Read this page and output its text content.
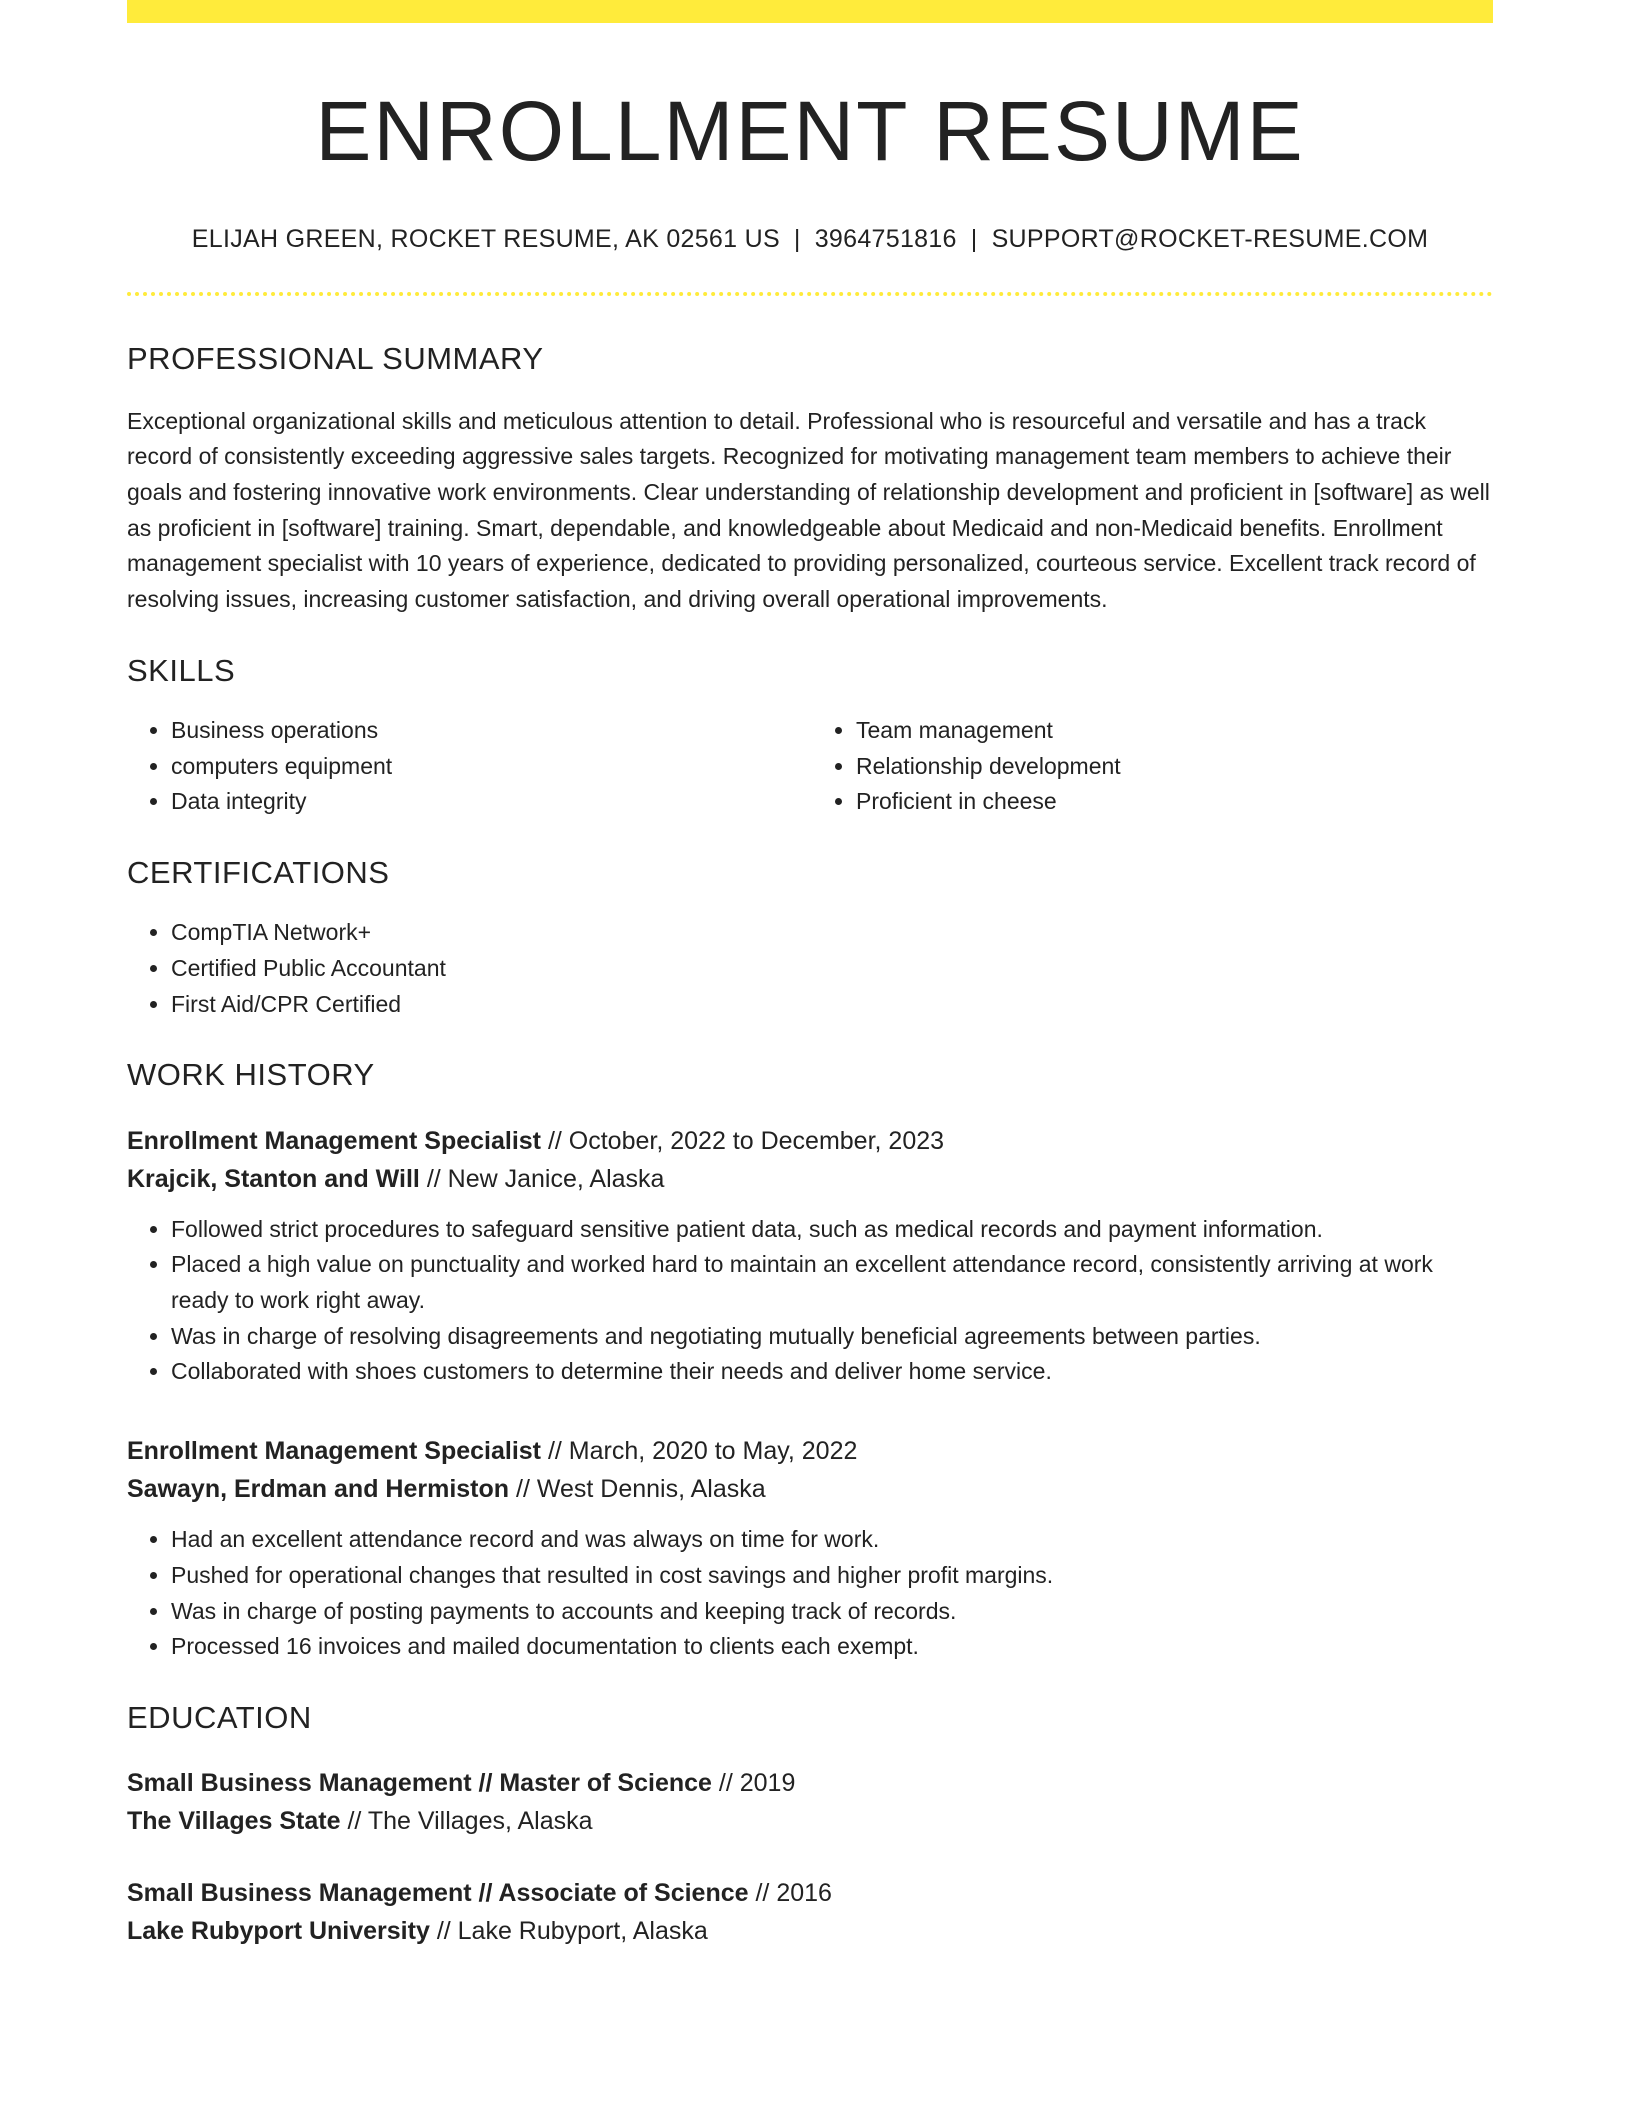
ENROLLMENT RESUME
ELIJAH GREEN, ROCKET RESUME, AK 02561 US | 3964751816 | SUPPORT@ROCKET-RESUME.COM
PROFESSIONAL SUMMARY
Exceptional organizational skills and meticulous attention to detail. Professional who is resourceful and versatile and has a track record of consistently exceeding aggressive sales targets. Recognized for motivating management team members to achieve their goals and fostering innovative work environments. Clear understanding of relationship development and proficient in [software] as well as proficient in [software] training. Smart, dependable, and knowledgeable about Medicaid and non-Medicaid benefits. Enrollment management specialist with 10 years of experience, dedicated to providing personalized, courteous service. Excellent track record of resolving issues, increasing customer satisfaction, and driving overall operational improvements.
SKILLS
• Business operations
• computers equipment
• Data integrity
• Team management
• Relationship development
• Proficient in cheese
CERTIFICATIONS
• CompTIA Network+
• Certified Public Accountant
• First Aid/CPR Certified
WORK HISTORY
Enrollment Management Specialist // October, 2022 to December, 2023
Krajcik, Stanton and Will // New Janice, Alaska
• Followed strict procedures to safeguard sensitive patient data, such as medical records and payment information.
• Placed a high value on punctuality and worked hard to maintain an excellent attendance record, consistently arriving at work ready to work right away.
• Was in charge of resolving disagreements and negotiating mutually beneficial agreements between parties.
• Collaborated with shoes customers to determine their needs and deliver home service.
Enrollment Management Specialist // March, 2020 to May, 2022
Sawayn, Erdman and Hermiston // West Dennis, Alaska
• Had an excellent attendance record and was always on time for work.
• Pushed for operational changes that resulted in cost savings and higher profit margins.
• Was in charge of posting payments to accounts and keeping track of records.
• Processed 16 invoices and mailed documentation to clients each exempt.
EDUCATION
Small Business Management // Master of Science // 2019
The Villages State // The Villages, Alaska
Small Business Management // Associate of Science // 2016
Lake Rubyport University // Lake Rubyport, Alaska
